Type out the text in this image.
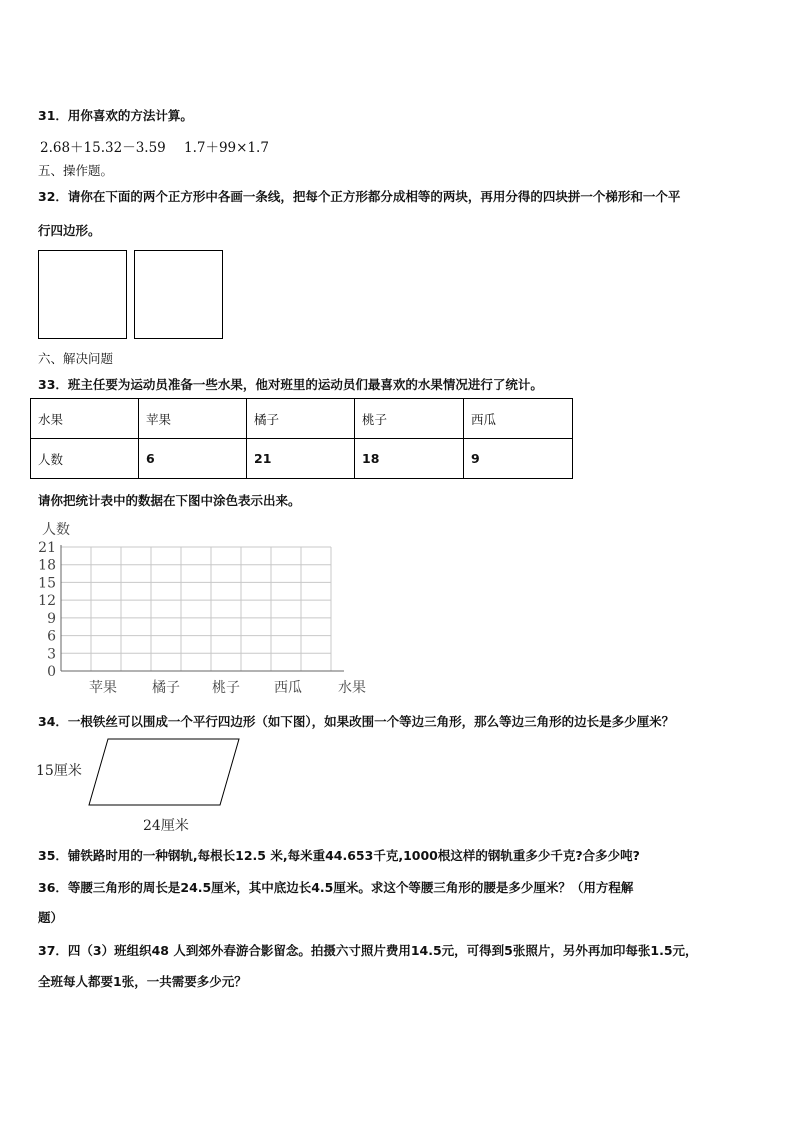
31．用你喜欢的方法计算。
2.68＋15.32－3.59 1.7＋99×1.7
五、操作题。
32．请你在下面的两个正方形中各画一条线，把每个正方形都分成相等的两块，再用分得的四块拼一个梯形和一个平
行四边形。
六、解决问题
33．班主任要为运动员准备一些水果，他对班里的运动员们最喜欢的水果情况进行了统计。
水果	苹果	橘子	桃子	西瓜
人数	6	21	18	9
请你把统计表中的数据在下图中涂色表示出来。
0
3
6
9
12
15
18
21
苹果	橘子 桃子 西瓜
人数
水果
34．一根铁丝可以围成一个平行四边形（如下图），如果改围一个等边三角形，那么等边三角形的边长是多少厘米？
15厘米
24厘米
35．铺铁路时用的一种钢轨,每根长12.5 米,每米重44.653千克,1000根这样的钢轨重多少千克?合多少吨?
36．等腰三角形的周长是24.5厘米，其中底边长4.5厘米。求这个等腰三角形的腰是多少厘米？（用方程解
题）
37．四（3）班组织48 人到郊外春游合影留念。拍摄六寸照片费用14.5元，可得到5张照片，另外再加印每张1.5元，
全班每人都要1张，一共需要多少元？
